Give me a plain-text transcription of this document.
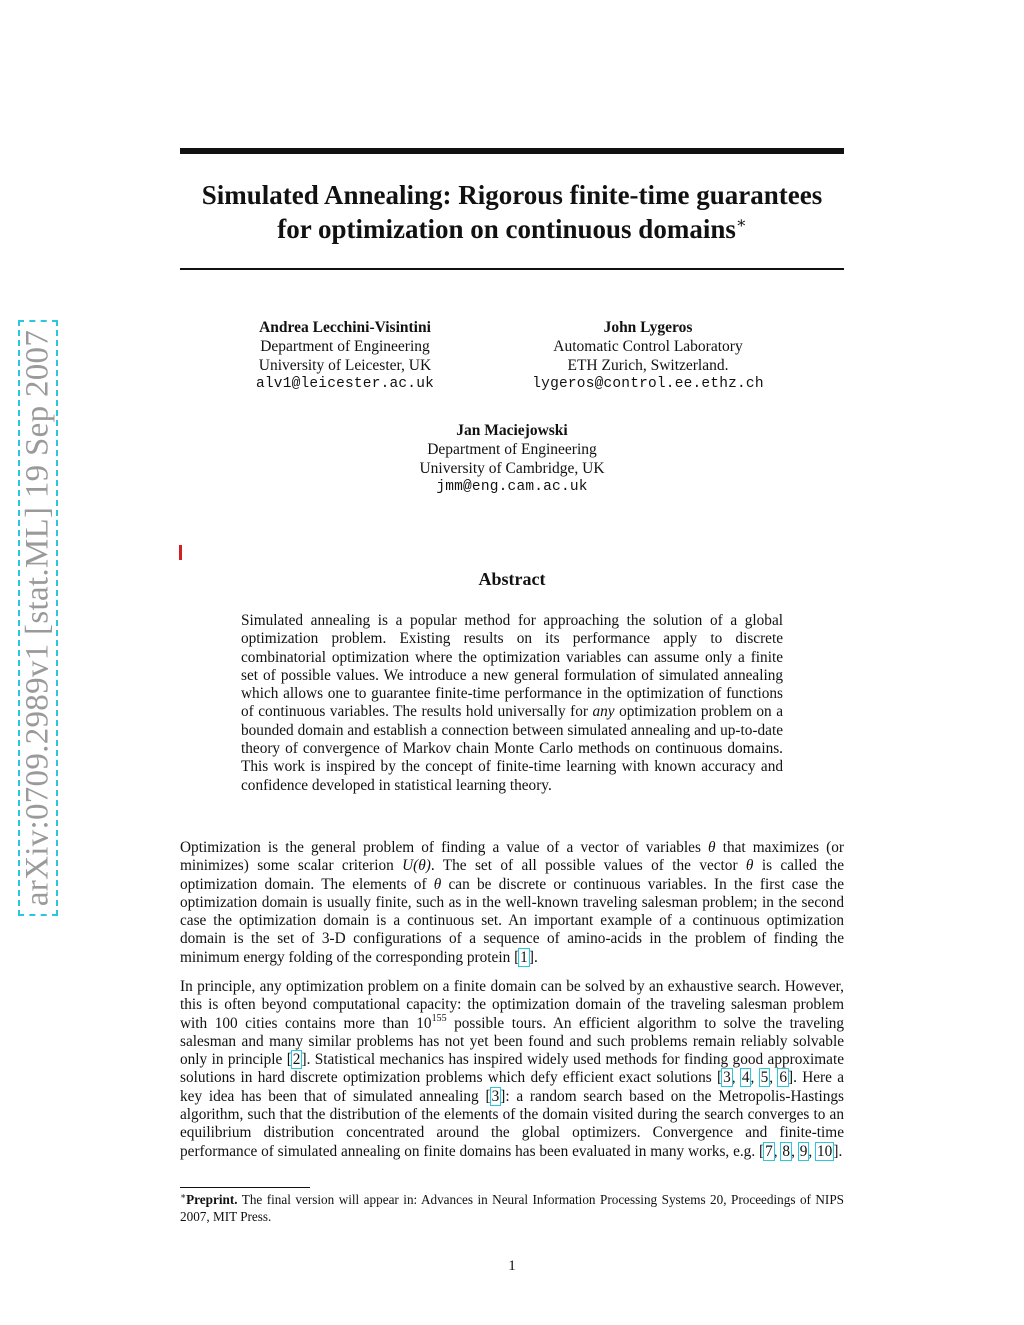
arXiv:0709.2989v1 [stat.ML] 19 Sep 2007
Simulated Annealing: Rigorous finite-time guarantees
for optimization on continuous domains∗
Andrea Lecchini-Visintini
Department of Engineering
University of Leicester, UK
alv1@leicester.ac.uk
John Lygeros
Automatic Control Laboratory
ETH Zurich, Switzerland.
lygeros@control.ee.ethz.ch
Jan Maciejowski
Department of Engineering
University of Cambridge, UK
jmm@eng.cam.ac.uk
Abstract
Simulated annealing is a popular method for approaching the solution of a global optimization problem. Existing results on its performance apply to discrete combinatorial optimization where the optimization variables can assume only a finite set of possible values. We introduce a new general formulation of simulated annealing which allows one to guarantee finite-time performance in the optimization of functions of continuous variables. The results hold universally for any optimization problem on a bounded domain and establish a connection between simulated annealing and up-to-date theory of convergence of Markov chain Monte Carlo methods on continuous domains. This work is inspired by the concept of finite-time learning with known accuracy and confidence developed in statistical learning theory.
Optimization is the general problem of finding a value of a vector of variables θ that maximizes (or minimizes) some scalar criterion U(θ). The set of all possible values of the vector θ is called the optimization domain. The elements of θ can be discrete or continuous variables. In the first case the optimization domain is usually finite, such as in the well-known traveling salesman problem; in the second case the optimization domain is a continuous set. An important example of a continuous optimization domain is the set of 3-D configurations of a sequence of amino-acids in the problem of finding the minimum energy folding of the corresponding protein [1].
In principle, any optimization problem on a finite domain can be solved by an exhaustive search. However, this is often beyond computational capacity: the optimization domain of the traveling salesman problem with 100 cities contains more than $10^{155}$ possible tours. An efficient algorithm to solve the traveling salesman and many similar problems has not yet been found and such problems remain reliably solvable only in principle [2]. Statistical mechanics has inspired widely used methods for finding good approximate solutions in hard discrete optimization problems which defy efficient exact solutions [3, 4, 5, 6]. Here a key idea has been that of simulated annealing [3]: a random search based on the Metropolis-Hastings algorithm, such that the distribution of the elements of the domain visited during the search converges to an equilibrium distribution concentrated around the global optimizers. Convergence and finite-time performance of simulated annealing on finite domains has been evaluated in many works, e.g. [7, 8, 9, 10].
∗Preprint. The final version will appear in: Advances in Neural Information Processing Systems 20, Proceedings of NIPS 2007, MIT Press.
1
